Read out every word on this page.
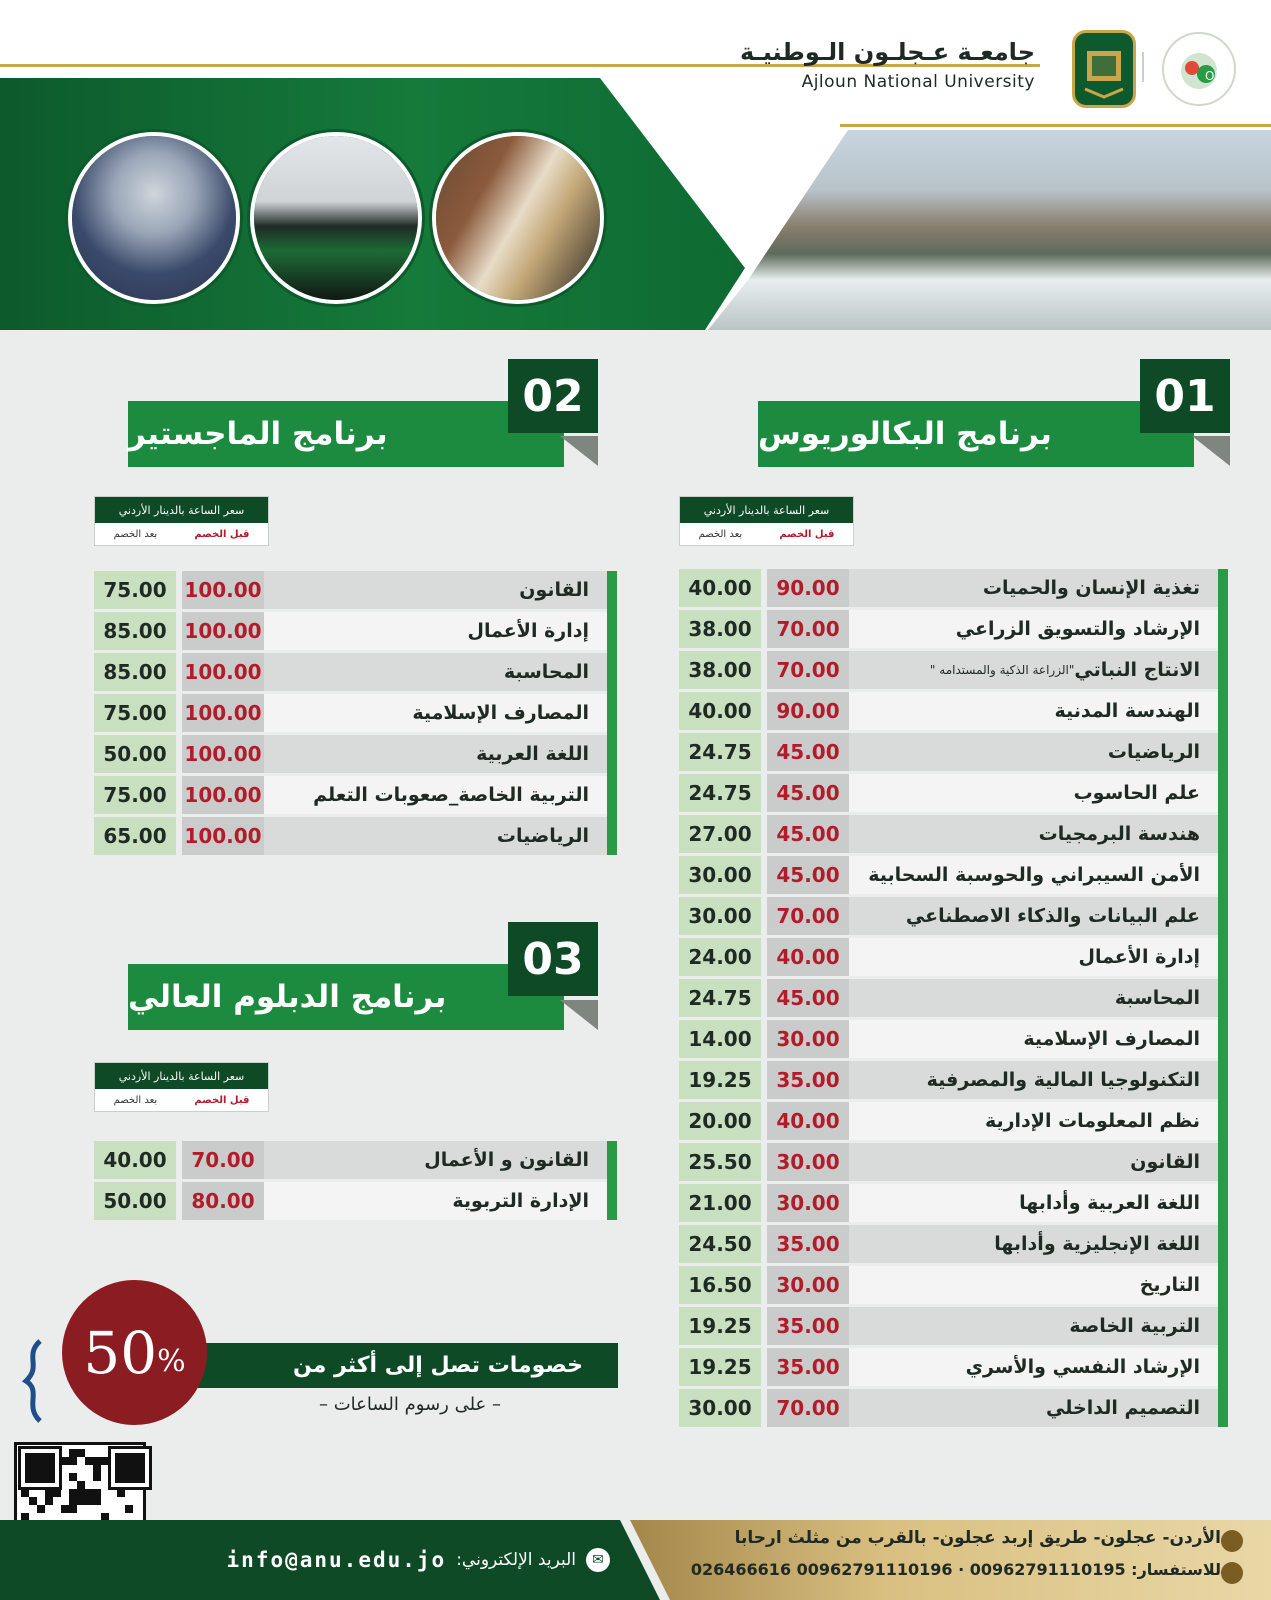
جامعـة عـجلـون الـوطنيـة
Ajloun National University	O2
برنامج البكالوريوس
01
برنامج الماجستير
02
برنامج الدبلوم العالي
03
سعر الساعة بالدينار الأردني
قبل الخصم
بعد الخصم
سعر الساعة بالدينار الأردني
قبل الخصم
بعد الخصم
سعر الساعة بالدينار الأردني
قبل الخصم
بعد الخصم
40.00	90.00	تغذية الإنسان والحميات
38.00	70.00	الإرشاد والتسويق الزراعي
38.00	70.00	الانتاج النباتي
"الزراعة الذكية والمستدامه "
40.00	90.00	الهندسة المدنية
24.75	45.00	الرياضيات
24.75	45.00	علم الحاسوب
27.00	45.00	هندسة البرمجيات
30.00	45.00	الأمن السيبراني والحوسبة السحابية
30.00	70.00	علم البيانات والذكاء الاصطناعي
24.00	40.00	إدارة الأعمال
24.75	45.00	المحاسبة
14.00	30.00	المصارف الإسلامية
19.25	35.00	التكنولوجيا المالية والمصرفية
20.00	40.00	نظم المعلومات الإدارية
25.50	30.00	القانون
21.00	30.00	اللغة العربية وأدابها
24.50	35.00	اللغة الإنجليزية وأدابها
16.50	30.00	التاريخ
19.25	35.00	التربية الخاصة
19.25	35.00	الإرشاد النفسي والأسري
30.00	70.00	التصميم الداخلي
75.00 100.00	القانون
85.00 100.00	إدارة الأعمال
85.00 100.00	المحاسبة
75.00 100.00	المصارف الإسلامية
50.00 100.00	اللغة العربية
75.00 100.00	التربية الخاصة_صعوبات التعلم
65.00 100.00	الرياضيات
40.00	70.00	القانون و الأعمال
50.00	80.00	الإدارة التربوية
خصومات تصل إلى أكثر من
50 %
– على رسوم الساعات –
✉
البريد الإلكتروني:
info@anu.edu.jo
الأردن- عجلون- طريق إربد عجلون- بالقرب من مثلث ارحابا
للاستفسار: 00962791110195 · 00962791110196 026466616
